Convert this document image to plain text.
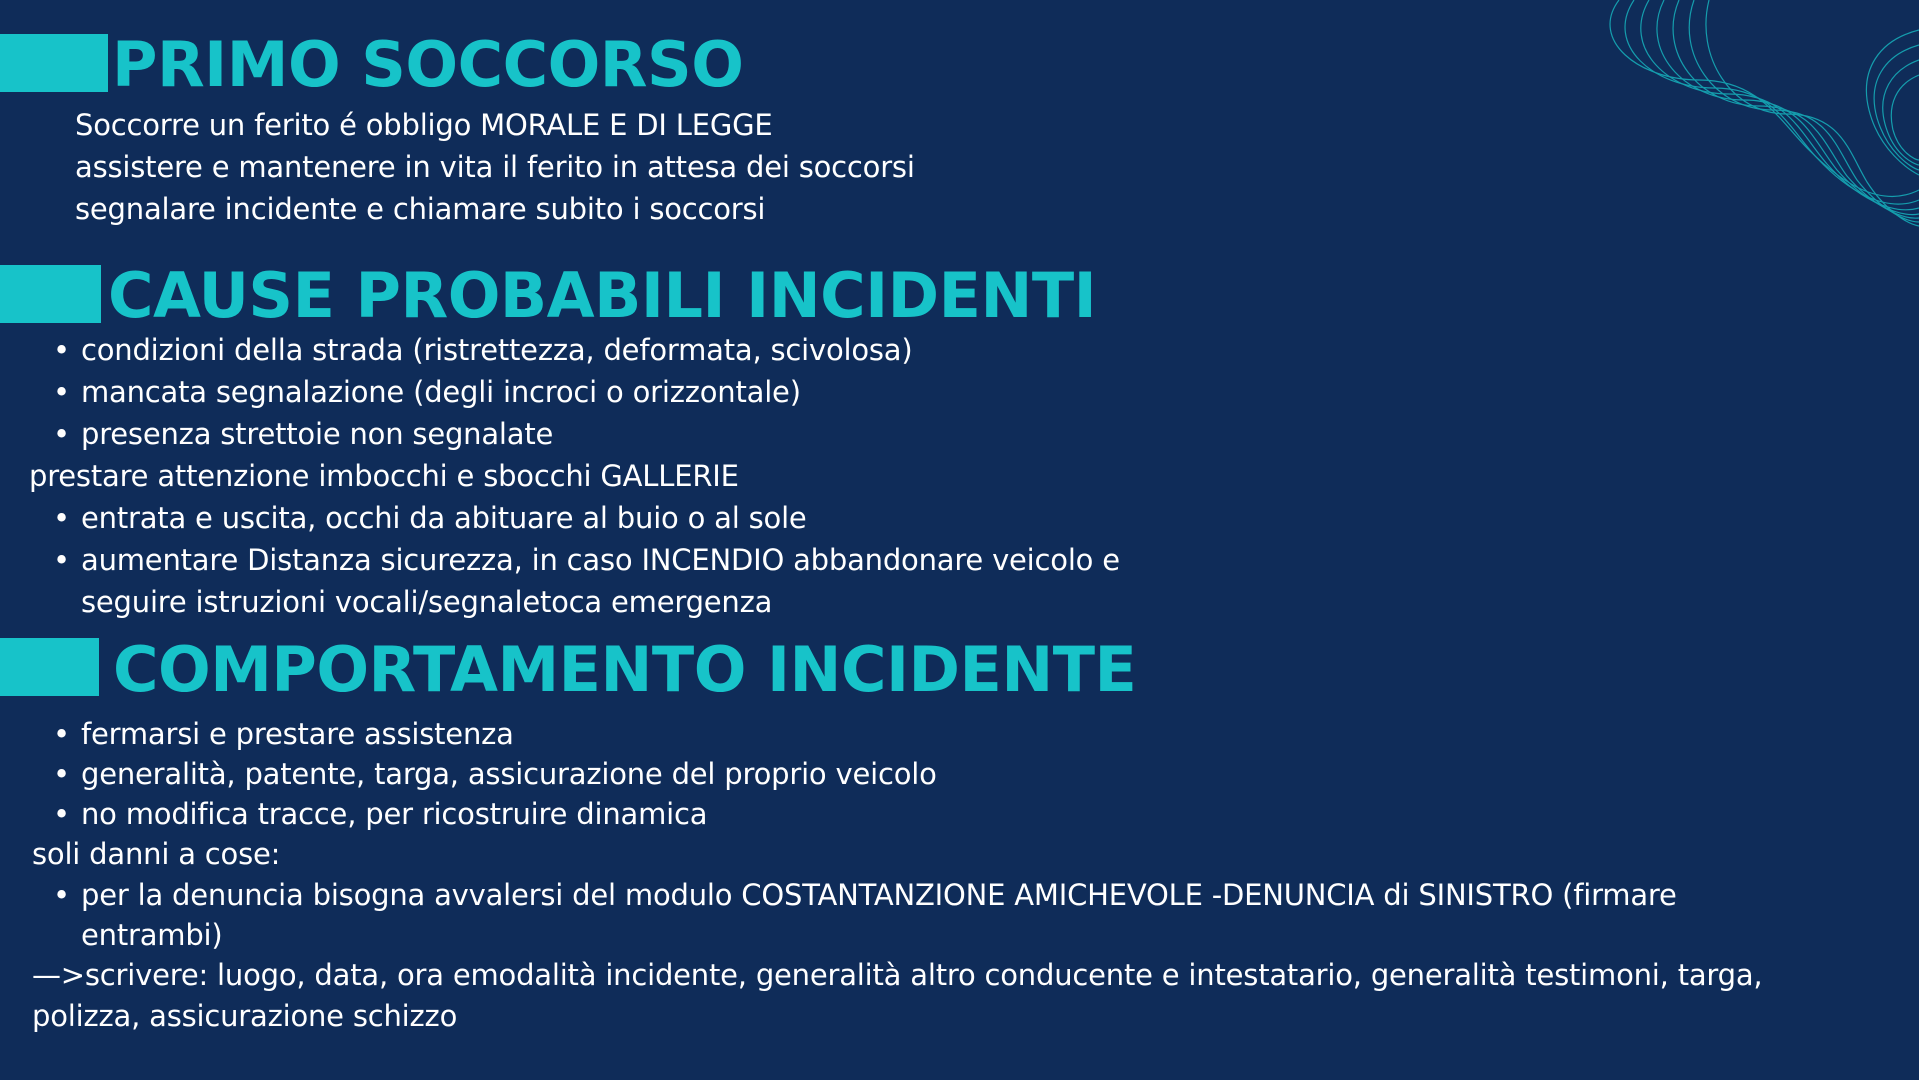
PRIMO SOCCORSO
Soccorre un ferito é obbligo MORALE E DI LEGGE
assistere e mantenere in vita il ferito in attesa dei soccorsi
segnalare incidente e chiamare subito i soccorsi
CAUSE PROBABILI INCIDENTI
• condizioni della strada (ristrettezza, deformata, scivolosa)
• mancata segnalazione (degli incroci o orizzontale)
• presenza strettoie non segnalate
prestare attenzione imbocchi e sbocchi GALLERIE
• entrata e uscita, occhi da abituare al buio o al sole
• aumentare Distanza sicurezza, in caso INCENDIO abbandonare veicolo e
seguire istruzioni vocali/segnaletoca emergenza
COMPORTAMENTO INCIDENTE
• fermarsi e prestare assistenza
• generalità, patente, targa, assicurazione del proprio veicolo
• no modifica tracce, per ricostruire dinamica
soli danni a cose:
• per la denuncia bisogna avvalersi del modulo COSTANTANZIONE AMICHEVOLE -DENUNCIA di SINISTRO (firmare
entrambi)
—>scrivere: luogo, data, ora emodalità incidente, generalità altro conducente e intestatario, generalità testimoni, targa,
polizza, assicurazione schizzo
